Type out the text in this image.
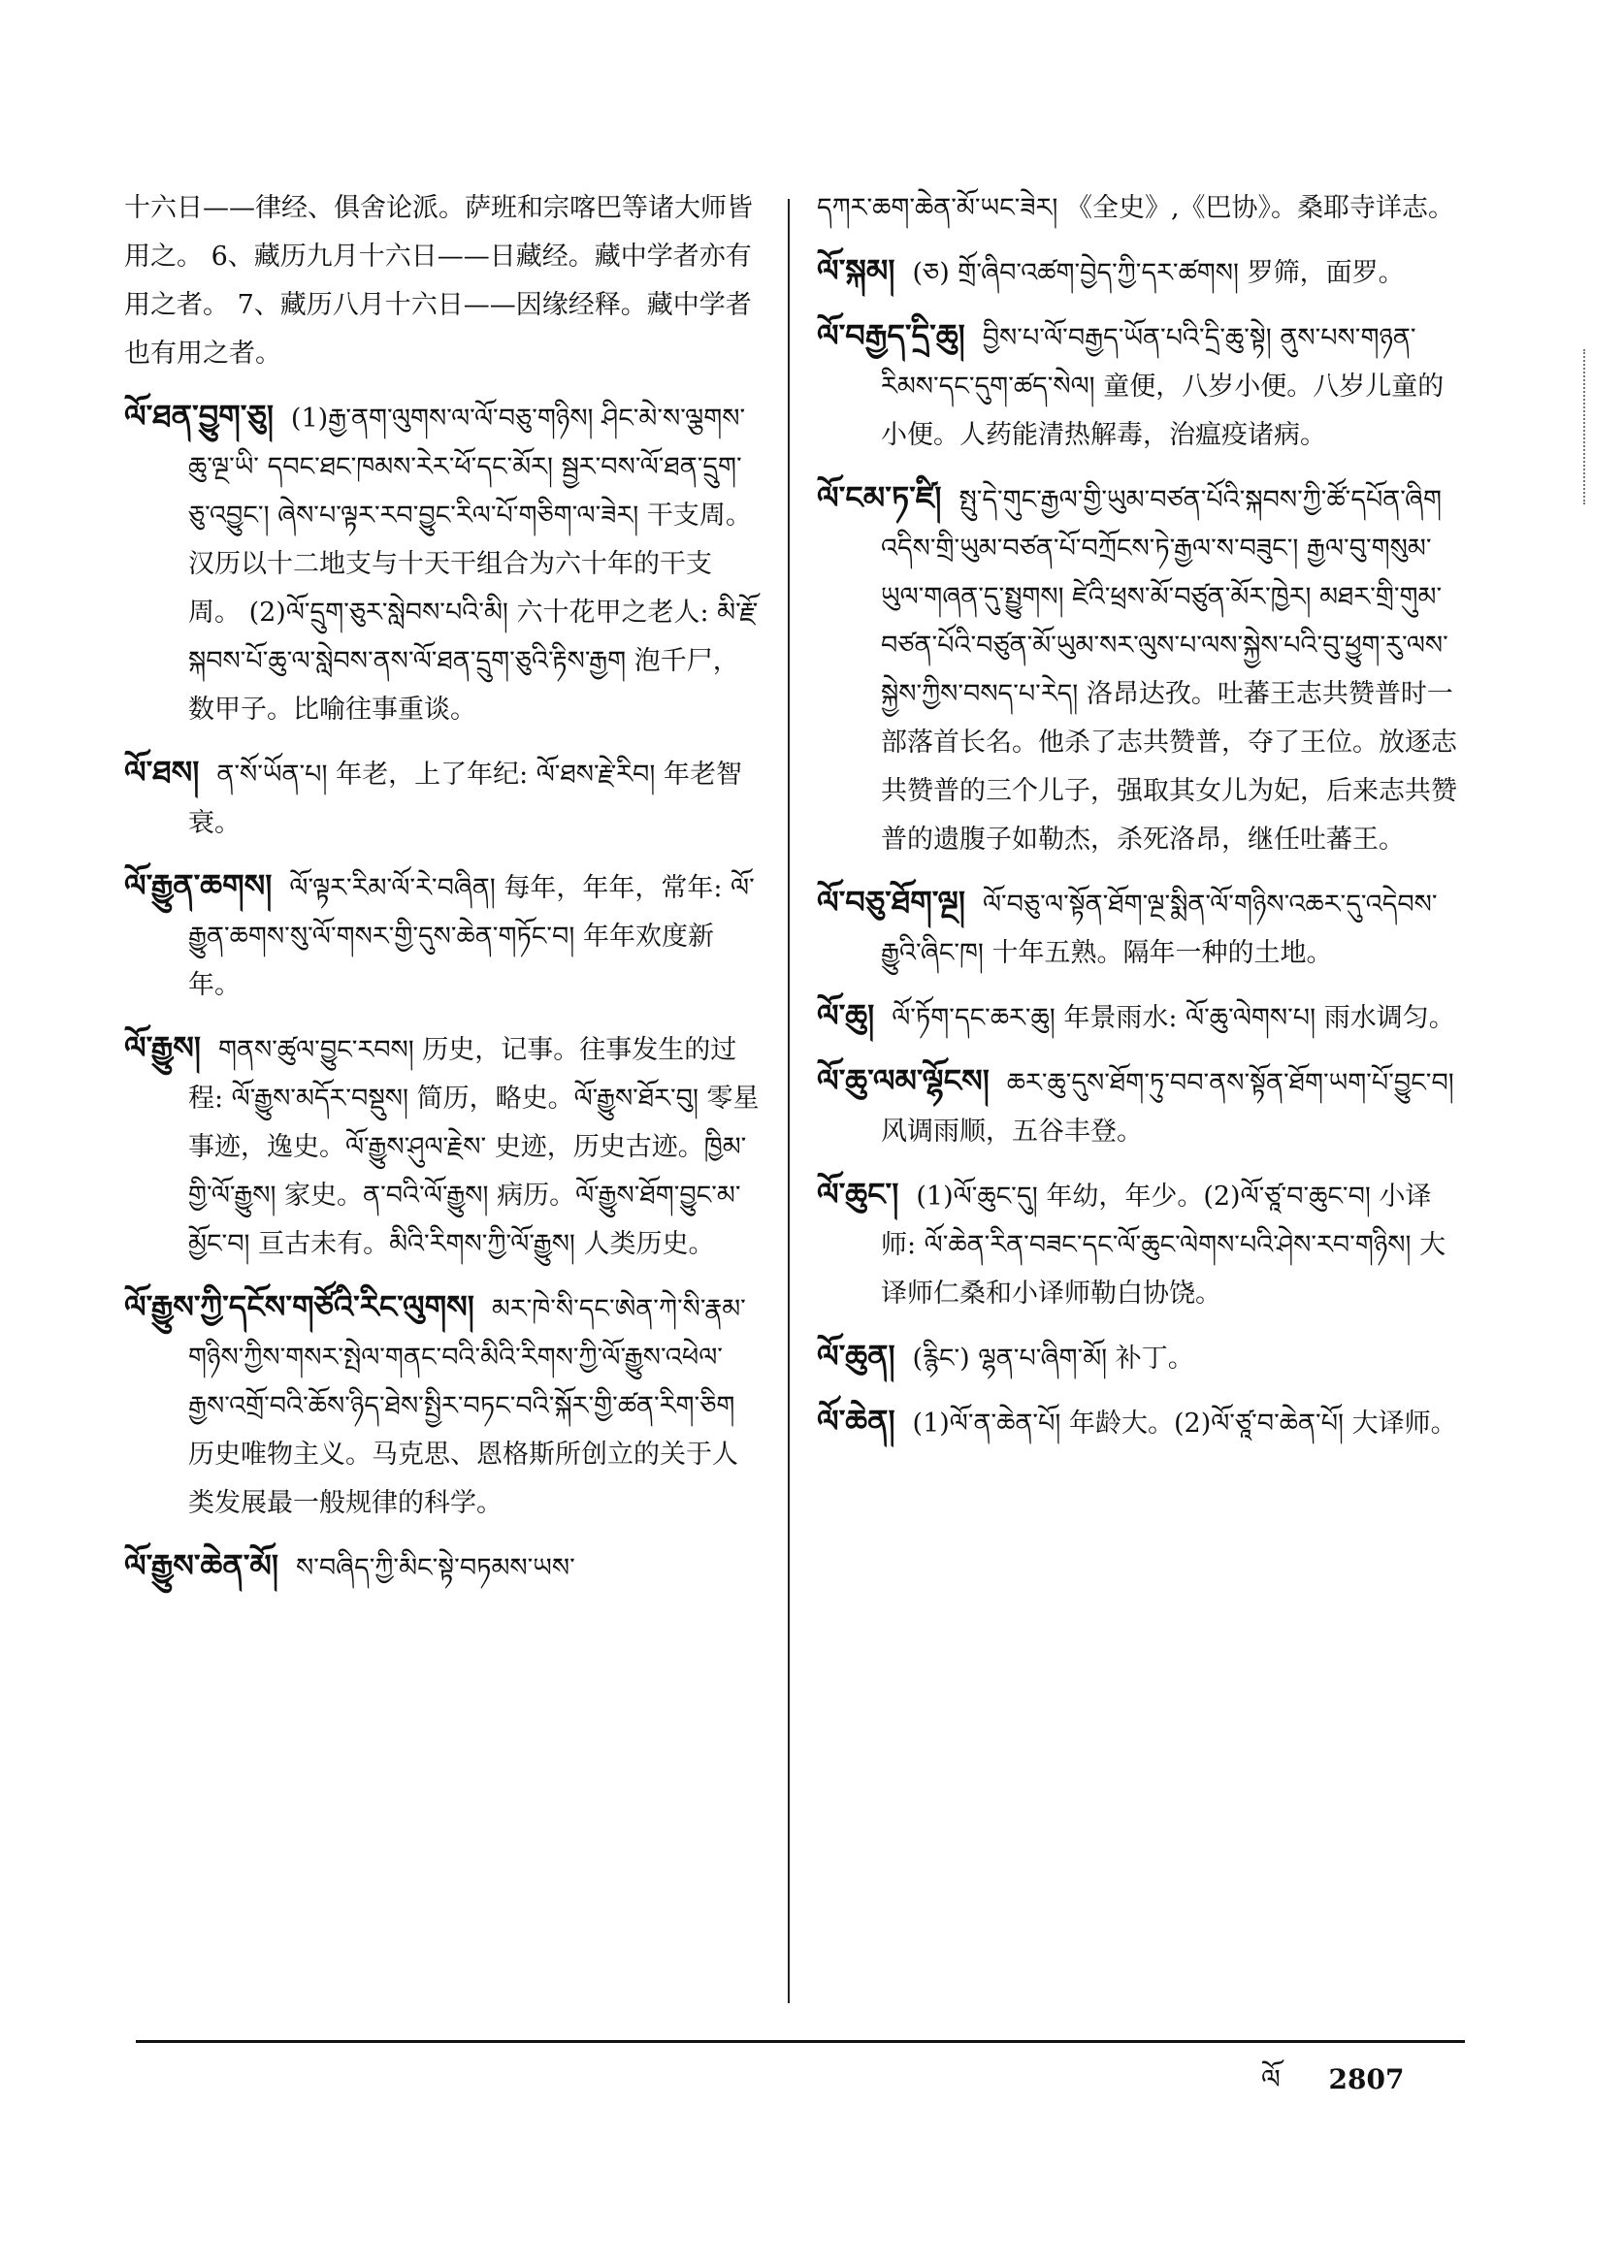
十六日——律经、俱舍论派。萨班和宗喀巴等诸大师皆用之。 6、藏历九月十六日——日藏经。藏中学者亦有用之者。 7、藏历八月十六日——因缘经释。藏中学者也有用之者。

ལོ་ཐན་བྱུག་ཅུ། (1)རྒྱ་ནག་ལུགས་ལ་ལོ་བཅུ་གཉིས། ཤིང་མེ་ས་ལྕགས་ཆུ་ལྔ་ཡི་ དབང་ཐང་ཁམས་རེར་ཕོ་དང་མོར། སྦྱར་བས་ལོ་ཐན་དྲུག་ཅུ་འབྱུང་། ཞེས་པ་ལྟར་རབ་བྱུང་རིལ་པོ་གཅིག་ལ་ཟེར། 干支周。汉历以十二地支与十天干组合为六十年的干支周。 (2)ལོ་དྲུག་ཅུར་སླེབས་པའི་མི། 六十花甲之老人: མི་རྗོ་སྐབས་པོ་ཆུ་ལ་སླེབས་ནས་ལོ་ཐན་དྲུག་ཅུའི་རྟིས་རྒྱག 泡千尸，数甲子。比喻往事重谈。

ལོ་ཐས། ན་སོ་ཡོན་པ། 年老，上了年纪: ལོ་ཐས་རྗེ་རིབ། 年老智衰。

ལོ་རྒྱུན་ཆགས། ལོ་ལྟར་རིམ་ལོ་རེ་བཞིན། 每年，年年，常年: ལོ་རྒྱུན་ཆགས་སུ་ལོ་གསར་གྱི་དུས་ཆེན་གཏོང་བ། 年年欢度新年。

ལོ་རྒྱུས། གནས་ཚུལ་བྱུང་རབས། 历史，记事。往事发生的过程: ལོ་རྒྱུས་མདོར་བསྡུས། 简历，略史。ལོ་རྒྱུས་ཐོར་བུ། 零星事迹，逸史。ལོ་རྒྱུས་ཤུལ་རྗེས་ 史迹，历史古迹。ཁྱིམ་གྱི་ལོ་རྒྱུས། 家史。ན་བའི་ལོ་རྒྱུས། 病历。ལོ་རྒྱུས་ཐོག་བྱུང་མ་མྱོང་བ། 亘古未有。མིའི་རིགས་ཀྱི་ལོ་རྒྱུས། 人类历史。

ལོ་རྒྱུས་ཀྱི་དངོས་གཙོའི་རིང་ལུགས། མར་ཁེ་སི་དང་ཨེན་ཀེ་སི་རྣམ་གཉིས་ཀྱིས་གསར་སྤེལ་གནང་བའི་མིའི་རིགས་ཀྱི་ལོ་རྒྱུས་འཕེལ་རྒྱས་འགྲོ་བའི་ཆོས་ཉིད་ཐེས་སྤྱིར་བཏང་བའི་སྐོར་གྱི་ཚན་རིག་ཅིག 历史唯物主义。马克思、恩格斯所创立的关于人类发展最一般规律的科学。

ལོ་རྒྱུས་ཆེན་མོ། ས་བཞིད་ཀྱི་མིང་སྟེ་བཏམས་ཡས་

དཀར་ཆག་ཆེན་མོ་ཡང་ཟེར། 《全史》,《巴协》。桑耶寺详志。

ལོ་སྐམ། (ཅ) གྲོ་ཞིབ་འཚག་བྱེད་ཀྱི་དར་ཚགས། 罗筛，面罗。

ལོ་བརྒྱད་དྲི་ཆུ། བྱིས་པ་ལོ་བརྒྱད་ཡོན་པའི་དྲི་ཆུ་སྟེ། ནུས་པས་གཉན་རིམས་དང་དུག་ཚད་སེལ། 童便，八岁小便。八岁儿童的小便。人药能清热解毒，治瘟疫诸病。

ལོ་ངམ་ཏ་ཛི། སྤུ་དེ་གུང་རྒྱལ་གྱི་ཡུམ་བཙན་པོའི་སྐབས་ཀྱི་ཚོ་དཔོན་ཞིག འདིས་གྲི་ཡུམ་བཙན་པོ་བཀྲོངས་ཏེ་རྒྱལ་ས་བཟུང་། རྒྱལ་བུ་གསུམ་ཡུལ་གཞན་དུ་སྤྱུགས། ཛེའི་ཕྲས་མོ་བཙུན་མོར་ཁྱེར། མཐར་གྲི་གུམ་བཙན་པོའི་བཙུན་མོ་ཡུམ་སར་ལུས་པ་ལས་སྐྱེས་པའི་བུ་ཕྱུག་རུ་ལས་སྐྱེས་ཀྱིས་བསད་པ་རེད། 洛昂达孜。吐蕃王志共赞普时一部落首长名。他杀了志共赞普，夺了王位。放逐志共赞普的三个儿子，强取其女儿为妃，后来志共赞普的遗腹子如勒杰，杀死洛昂，继任吐蕃王。

ལོ་བཅུ་ཐོག་ལྔ། ལོ་བཅུ་ལ་སྟོན་ཐོག་ལྔ་སྨིན་ལོ་གཉིས་འཆར་དུ་འདེབས་རྒྱུའི་ཞིང་ཁ། 十年五熟。隔年一种的土地。

ལོ་ཆུ། ལོ་ཏོག་དང་ཆར་ཆུ། 年景雨水: ལོ་ཆུ་ལེགས་པ། 雨水调匀。

ལོ་ཆུ་ལམ་ལྷོངས། ཆར་ཆུ་དུས་ཐོག་ཏུ་བབ་ནས་སྟོན་ཐོག་ཡག་པོ་བྱུང་བ། 风调雨顺，五谷丰登。

ལོ་ཆུང་། (1)ལོ་ཆུང་དུ། 年幼，年少。(2)ལོ་ཙཱ་བ་ཆུང་བ། 小译师: ལོ་ཆེན་རིན་བཟང་དང་ལོ་ཆུང་ལེགས་པའི་ཤེས་རབ་གཉིས། 大译师仁桑和小译师勒白协饶。

ལོ་ཆུན། (རྙིང་) ལྷན་པ་ཞིག་མོ། 补丁。

ལོ་ཆེན། (1)ལོ་ན་ཆེན་པོ། 年龄大。(2)ལོ་ཙཱ་བ་ཆེན་པོ། 大译师。

ལོ 2807
